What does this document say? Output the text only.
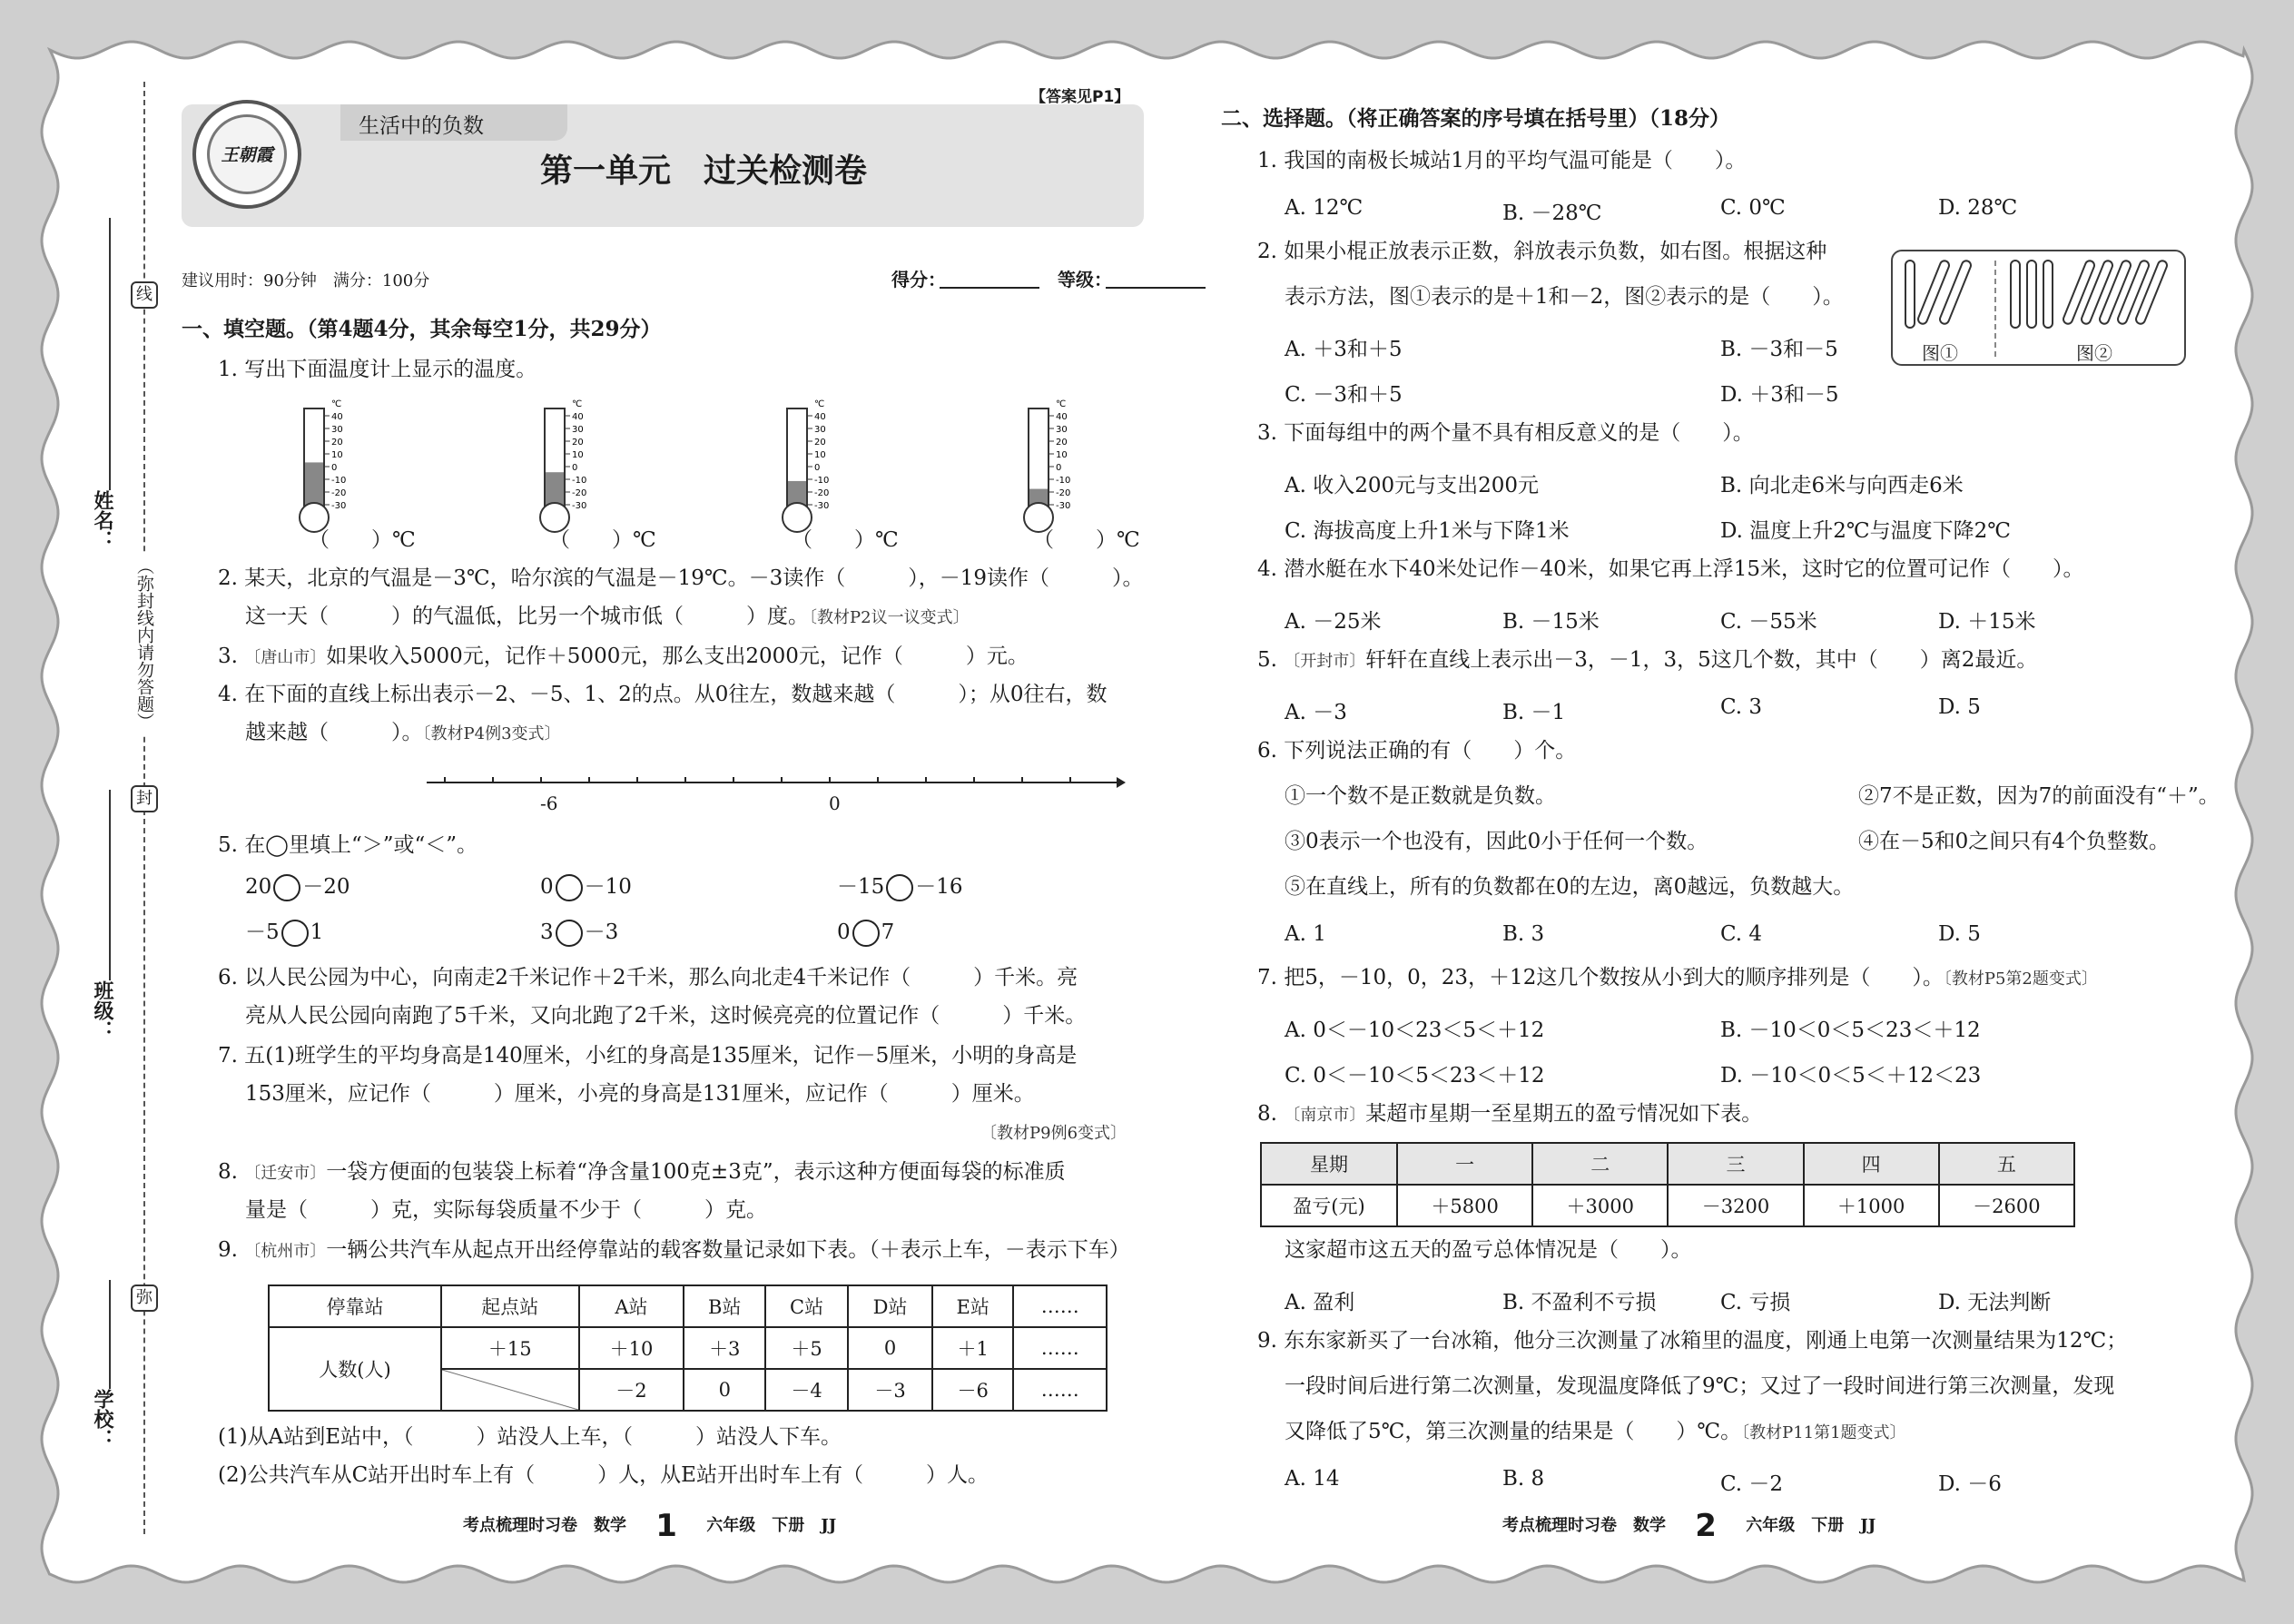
姓名：
班级：
学校：
（弥封线内请勿答题）
线
封
弥
【答案见P1】
王朝霞
生活中的负数
第一单元　过关检测卷
建议用时：90分钟　满分：100分	得分：	等级：
一、填空题。（第4题4分，其余每空1分，共29分）
1. 写出下面温度计上显示的温度。
℃
40
30
20
10
0
-10
-20
-30
℃
40
30
20
10
0
-10
-20
-30
℃
40
30
20
10
0
-10
-20
-30
℃
40
30
20
10
0
-10
-20
-30
（　　）℃	（　　）℃	（　　）℃	（　　）℃
2. 某天，北京的气温是－3℃，哈尔滨的气温是－19℃。－3读作（　　　），－19读作（　　　）。
这一天（　　　）的气温低，比另一个城市低（　　　）度。〔教材P2议一议变式〕
3. 〔唐山市〕如果收入5000元，记作＋5000元，那么支出2000元，记作（　　　）元。
4. 在下面的直线上标出表示－2、－5、1、2的点。从0往左，数越来越（　　　）；从0往右，数
越来越（　　　）。〔教材P4例3变式〕
-6	0
5. 在◯里填上“＞”或“＜”。
20 －20	0 －10	－15 －16
－5 1	3 －3	0 7
6. 以人民公园为中心，向南走2千米记作＋2千米，那么向北走4千米记作（　　　）千米。亮
亮从人民公园向南跑了5千米，又向北跑了2千米，这时候亮亮的位置记作（　　　）千米。
7. 五(1)班学生的平均身高是140厘米，小红的身高是135厘米，记作－5厘米，小明的身高是
153厘米，应记作（　　　）厘米，小亮的身高是131厘米，应记作（　　　）厘米。
〔教材P9例6变式〕
8. 〔迁安市〕一袋方便面的包装袋上标着“净含量100克±3克”，表示这种方便面每袋的标准质
量是（　　　）克，实际每袋质量不少于（　　　）克。
9. 〔杭州市〕一辆公共汽车从起点开出经停靠站的载客数量记录如下表。（＋表示上车，－表示下车）
停靠站	起点站	A站	B站	C站	D站	E站	……
人数(人)	＋15	＋10	＋3	＋5	0	＋1	……
		－2	0	－4	－3	－6	……
(1)从A站到E站中，（　　　）站没人上车，（　　　）站没人下车。
(2)公共汽车从C站开出时车上有（　　　）人，从E站开出时车上有（　　　）人。
考点梳理时习卷　数学 1 六年级　下册　JJ
二、选择题。（将正确答案的序号填在括号里）（18分）
1. 我国的南极长城站1月的平均气温可能是（　　）。
A. 12℃	B. －28℃	C. 0℃	D. 28℃
2. 如果小棍正放表示正数，斜放表示负数，如右图。根据这种
表示方法，图①表示的是＋1和－2，图②表示的是（　　）。
A. ＋3和＋5	B. －3和－5
C. －3和＋5	D. ＋3和－5
图①	图②
3. 下面每组中的两个量不具有相反意义的是（　　）。
A. 收入200元与支出200元	B. 向北走6米与向西走6米
C. 海拔高度上升1米与下降1米	D. 温度上升2℃与温度下降2℃
4. 潜水艇在水下40米处记作－40米，如果它再上浮15米，这时它的位置可记作（　　）。
A. －25米	B. －15米	C. －55米	D. ＋15米
5. 〔开封市〕轩轩在直线上表示出－3，－1，3，5这几个数，其中（　　）离2最近。
A. －3	B. －1	C. 3	D. 5
6. 下列说法正确的有（　　）个。
①一个数不是正数就是负数。	②7不是正数，因为7的前面没有“＋”。
③0表示一个也没有，因此0小于任何一个数。	④在－5和0之间只有4个负整数。
⑤在直线上，所有的负数都在0的左边，离0越远，负数越大。
A. 1	B. 3	C. 4	D. 5
7. 把5，－10，0，23，＋12这几个数按从小到大的顺序排列是（　　）。〔教材P5第2题变式〕
A. 0＜－10＜23＜5＜＋12	B. －10＜0＜5＜23＜＋12
C. 0＜－10＜5＜23＜＋12	D. －10＜0＜5＜＋12＜23
8. 〔南京市〕某超市星期一至星期五的盈亏情况如下表。
星期	一	二	三	四	五
盈亏(元)	＋5800	＋3000	－3200	＋1000	－2600
这家超市这五天的盈亏总体情况是（　　）。
A. 盈利	B. 不盈利不亏损	C. 亏损	D. 无法判断
9. 东东家新买了一台冰箱，他分三次测量了冰箱里的温度，刚通上电第一次测量结果为12℃；
一段时间后进行第二次测量，发现温度降低了9℃；又过了一段时间进行第三次测量，发现
又降低了5℃，第三次测量的结果是（　　）℃。〔教材P11第1题变式〕
A. 14	B. 8	C. －2	D. －6
考点梳理时习卷　数学 2 六年级　下册　JJ
